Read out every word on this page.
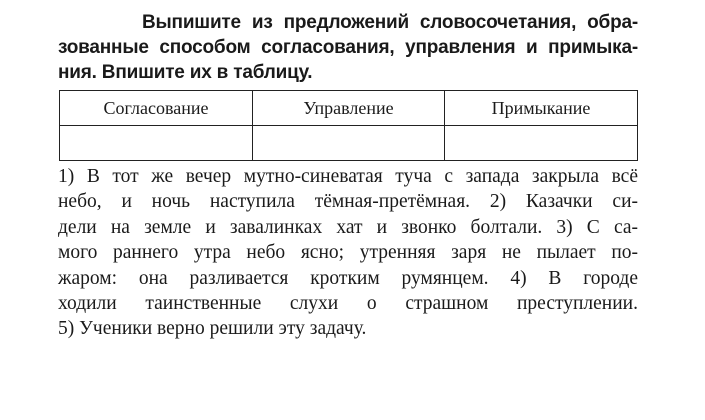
Выпишите из предложений словосочетания, обра-
зованные способом согласования, управления и примыка-
ния. Впишите их в таблицу.
Согласование	Управление	Примыкание

1) В тот же вечер мутно-синеватая туча с запада закрыла всё
небо, и ночь наступила тёмная-претёмная. 2) Казачки си-
дели на земле и завалинках хат и звонко болтали. 3) С са-
мого раннего утра небо ясно; утренняя заря не пылает по-
жаром: она разливается кротким румянцем. 4) В городе
ходили таинственные слухи о страшном преступлении.
5) Ученики верно решили эту задачу.
